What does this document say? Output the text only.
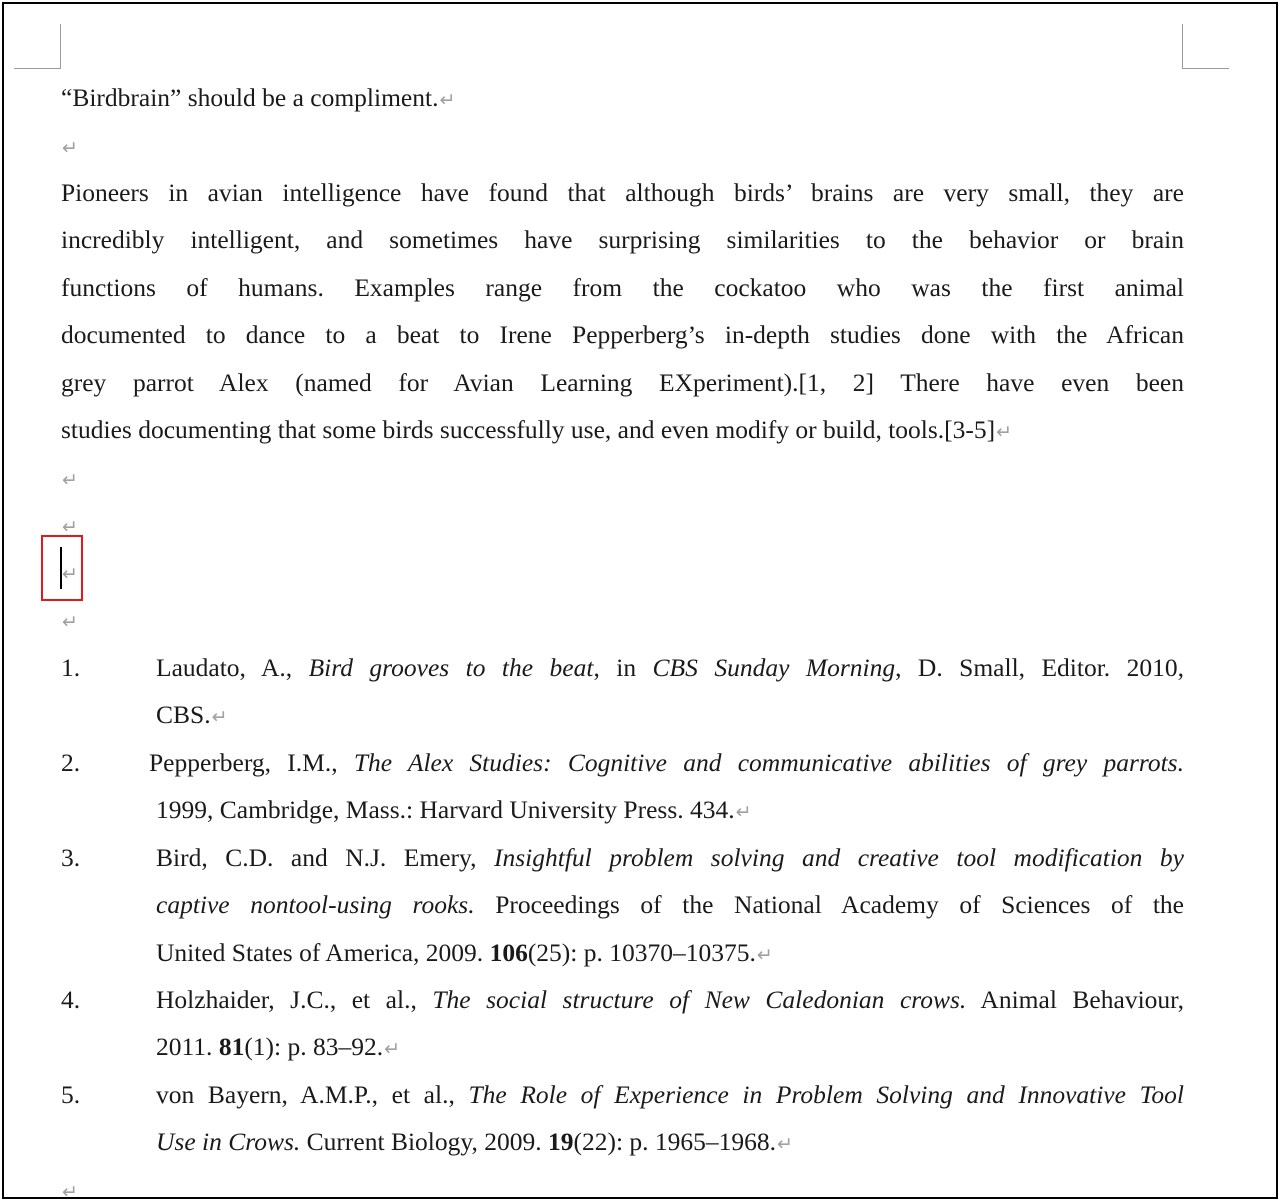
“Birdbrain” should be a compliment.↵
↵
Pioneers in avian intelligence have found that although birds’ brains are very small, they are
incredibly intelligent, and sometimes have surprising similarities to the behavior or brain
functions of humans. Examples range from the cockatoo who was the first animal
documented to dance to a beat to Irene Pepperberg’s in-depth studies done with the African
grey parrot Alex (named for Avian Learning EXperiment).[1, 2] There have even been
studies documenting that some birds successfully use, and even modify or build, tools.[3-5]↵
↵
↵
↵
↵
1.	Laudato, A., Bird grooves to the beat, in CBS Sunday Morning, D. Small, Editor. 2010,
CBS.↵
2.	Pepperberg, I.M., The Alex Studies: Cognitive and communicative abilities of grey parrots.
1999, Cambridge, Mass.: Harvard University Press. 434.↵
3.	Bird, C.D. and N.J. Emery, Insightful problem solving and creative tool modification by
captive nontool-using rooks. Proceedings of the National Academy of Sciences of the
United States of America, 2009. 106(25): p. 10370–10375.↵
4.	Holzhaider, J.C., et al., The social structure of New Caledonian crows. Animal Behaviour,
2011. 81(1): p. 83–92.↵
5.	von Bayern, A.M.P., et al., The Role of Experience in Problem Solving and Innovative Tool
Use in Crows. Current Biology, 2009. 19(22): p. 1965–1968.↵
↵
